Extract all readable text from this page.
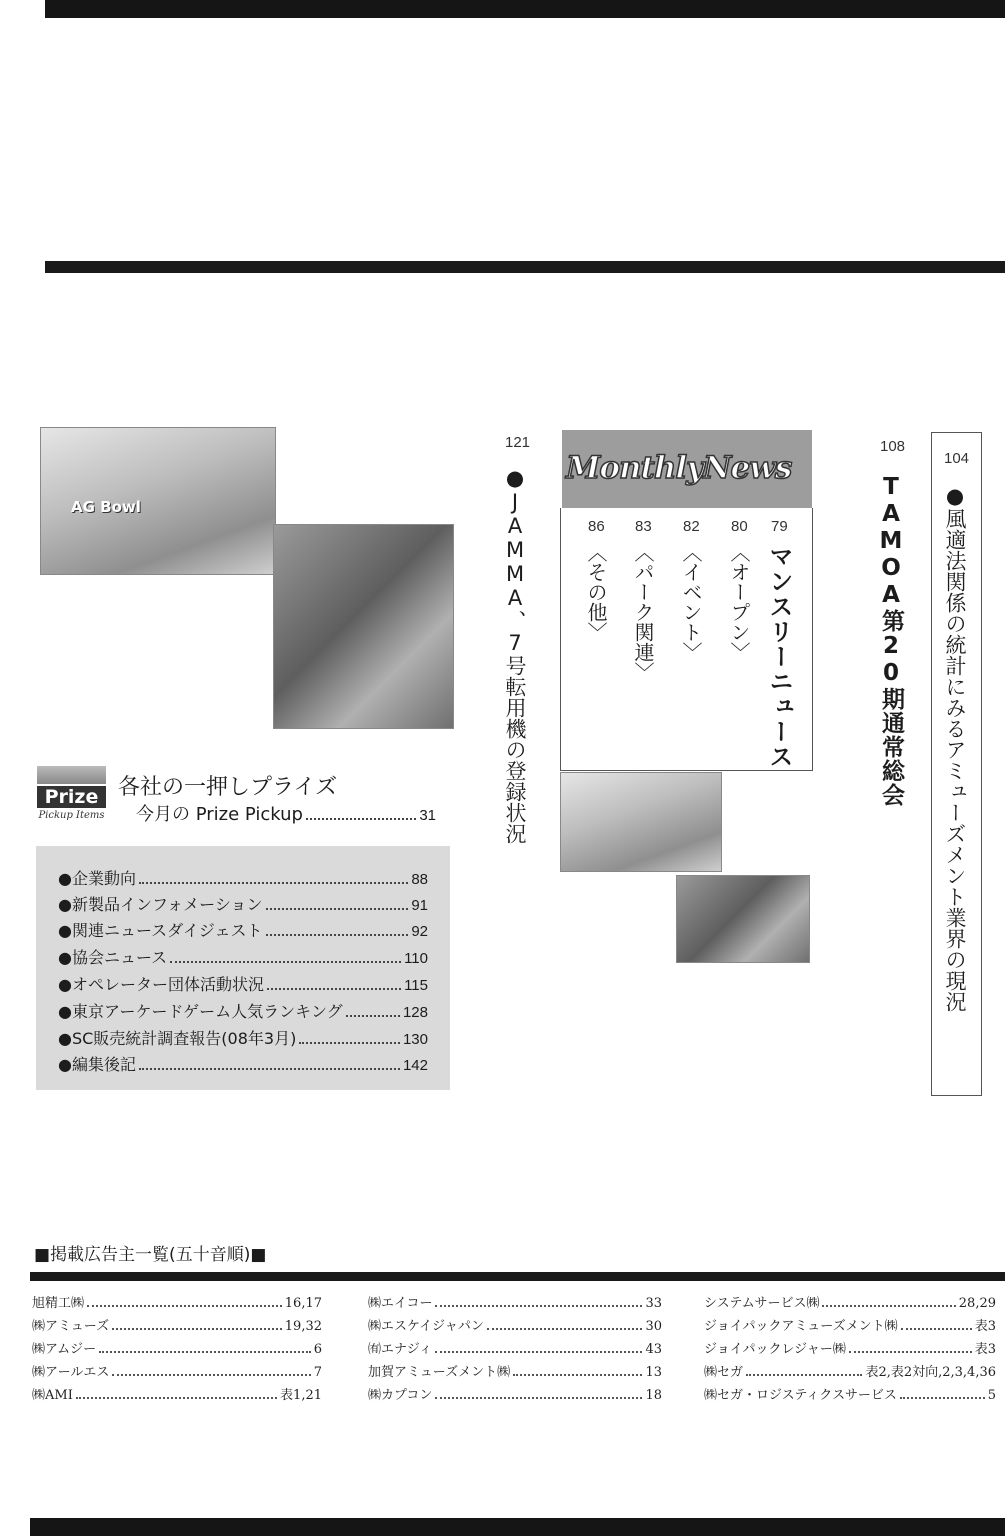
104
●風適法関係の統計にみるアミューズメント業界の現況
108
TAMOA第20期通常総会
MonthlyNews
79
マンスリーニュース
80
〈オープン〉
82
〈イベント〉
83
〈パーク関連〉
86
〈その他〉
121
●JAMMA、7号転用機の登録状況
AG Bowl
Prize
Pickup Items
各社の一押しプライズ
今月の Prize Pickup	31
●企業動向	88
●新製品インフォメーション	91
●関連ニュースダイジェスト	92
●協会ニュース	110
●オペレーター団体活動状況	115
●東京アーケードゲーム人気ランキング	128
●SC販売統計調査報告(08年3月)	130
●編集後記	142
■掲載広告主一覧(五十音順)■
旭精工㈱	16,17
㈱アミューズ	19,32
㈱アムジー	6
㈱アールエス	7
㈱AMI	表1,21
㈱エイコー	33
㈱エスケイジャパン	30
㈲エナジィ	43
加賀アミューズメント㈱	13
㈱カプコン	18
システムサービス㈱	28,29
ジョイパックアミューズメント㈱	表3
ジョイパックレジャー㈱	表3
㈱セガ	表2,表2対向,2,3,4,36
㈱セガ・ロジスティクスサービス	5
